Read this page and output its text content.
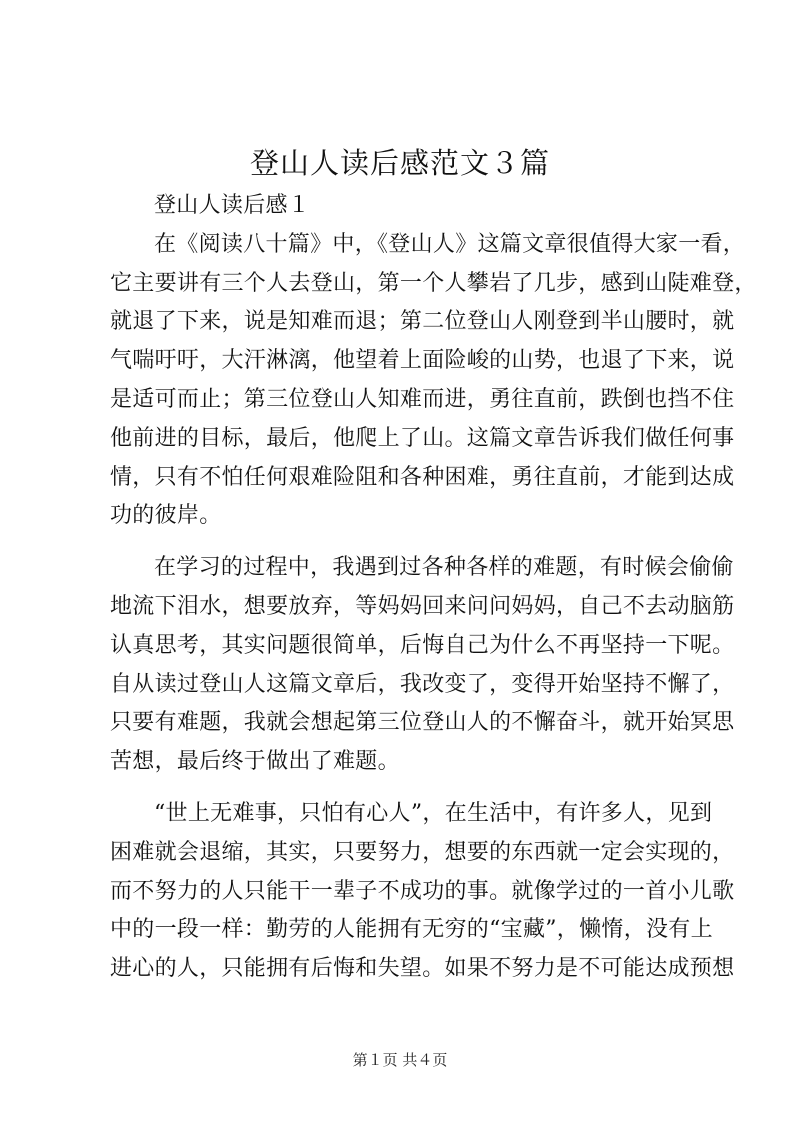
登山人读后感范文３篇
登山人读后感１
在《阅读八十篇》中，《登山人》这篇文章很值得大家一看，
它主要讲有三个人去登山，第一个人攀岩了几步，感到山陡难登，
就退了下来，说是知难而退；第二位登山人刚登到半山腰时，就
气喘吁吁，大汗淋漓，他望着上面险峻的山势，也退了下来，说
是适可而止；第三位登山人知难而进，勇往直前，跌倒也挡不住
他前进的目标，最后，他爬上了山。这篇文章告诉我们做任何事
情，只有不怕任何艰难险阻和各种困难，勇往直前，才能到达成
功的彼岸。
在学习的过程中，我遇到过各种各样的难题，有时候会偷偷
地流下泪水，想要放弃，等妈妈回来问问妈妈，自己不去动脑筋
认真思考，其实问题很简单，后悔自己为什么不再坚持一下呢。
自从读过登山人这篇文章后，我改变了，变得开始坚持不懈了，
只要有难题，我就会想起第三位登山人的不懈奋斗，就开始冥思
苦想，最后终于做出了难题。
“世上无难事，只怕有心人”，在生活中，有许多人，见到
困难就会退缩，其实，只要努力，想要的东西就一定会实现的，
而不努力的人只能干一辈子不成功的事。就像学过的一首小儿歌
中的一段一样：勤劳的人能拥有无穷的“宝藏”，懒惰，没有上
进心的人，只能拥有后悔和失望。如果不努力是不可能达成预想
第１页 共４页
